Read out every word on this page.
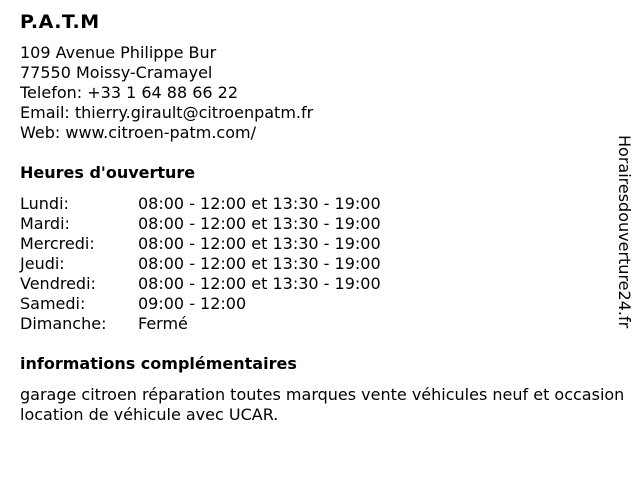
P.A.T.M
109 Avenue Philippe Bur
77550 Moissy-Cramayel
Telefon: +33 1 64 88 66 22
Email: thierry.girault@citroenpatm.fr
Web: www.citroen-patm.com/
Heures d'ouverture
Lundi:	08:00 - 12:00 et 13:30 - 19:00
Mardi:	08:00 - 12:00 et 13:30 - 19:00
Mercredi:	08:00 - 12:00 et 13:30 - 19:00
Jeudi:	08:00 - 12:00 et 13:30 - 19:00
Vendredi:	08:00 - 12:00 et 13:30 - 19:00
Samedi:	09:00 - 12:00
Dimanche:	Fermé
informations complémentaires
garage citroen réparation toutes marques vente véhicules neuf et occasion location de véhicule avec UCAR.
Horairesdouverture24.fr
